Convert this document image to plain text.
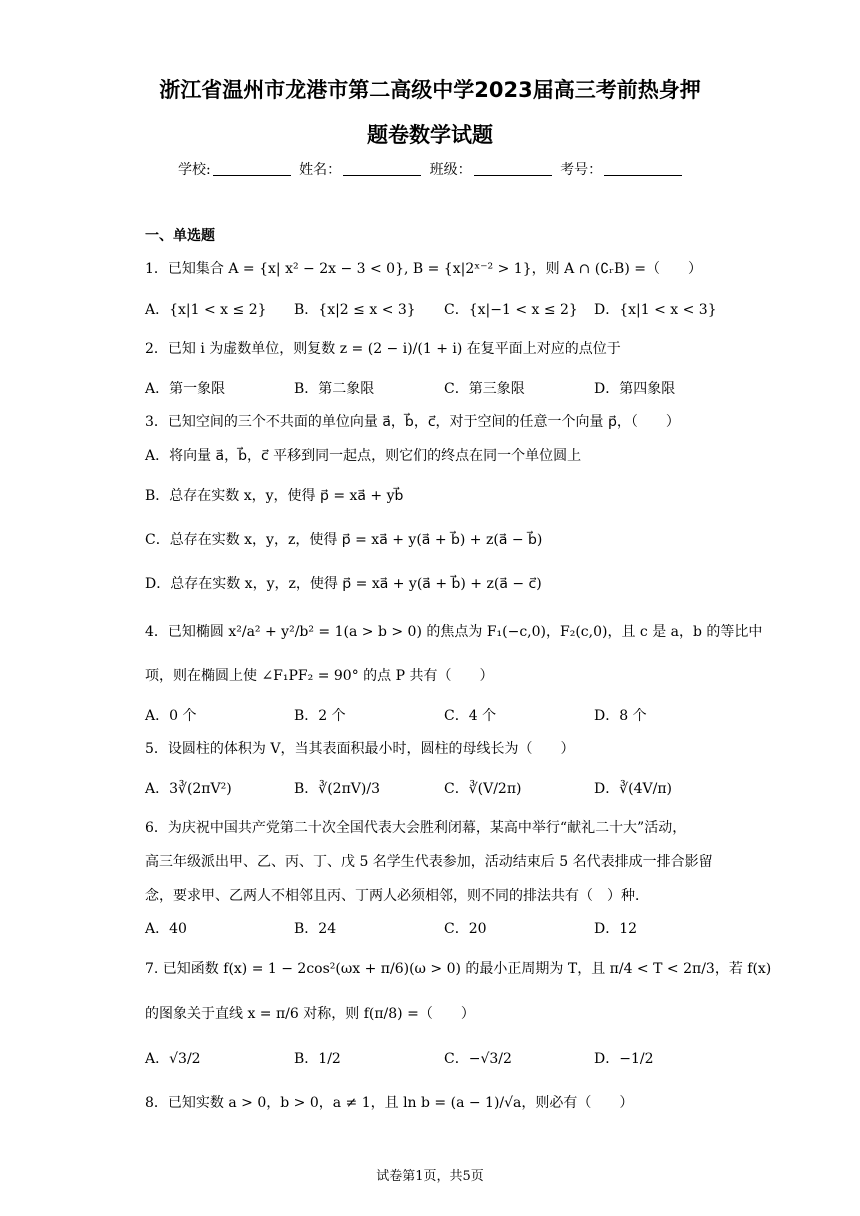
浙江省温州市龙港市第二高级中学2023届高三考前热身押
题卷数学试题
学校:	姓名：	班级：	考号：
一、单选题
1．已知集合 A = {x| x² − 2x − 3 < 0}, B = {x|2ˣ⁻² > 1}，则 A ∩ (∁ᵣB) =（　　）
A．{x|1 < x ≤ 2} B．{x|2 ≤ x < 3} C．{x|−1 < x ≤ 2} D．{x|1 < x < 3}
2．已知 i 为虚数单位，则复数 z = (2 − i)/(1 + i) 在复平面上对应的点位于
A．第一象限	B．第二象限	C．第三象限	D．第四象限
3．已知空间的三个不共面的单位向量 a⃗，b⃗，c⃗，对于空间的任意一个向量 p⃗，（　　）
A．将向量 a⃗，b⃗，c⃗ 平移到同一起点，则它们的终点在同一个单位圆上
B．总存在实数 x，y，使得 p⃗ = xa⃗ + yb⃗
C．总存在实数 x，y，z，使得 p⃗ = xa⃗ + y(a⃗ + b⃗) + z(a⃗ − b⃗)
D．总存在实数 x，y，z，使得 p⃗ = xa⃗ + y(a⃗ + b⃗) + z(a⃗ − c⃗)
4．已知椭圆 x²/a² + y²/b² = 1(a > b > 0) 的焦点为 F₁(−c,0)，F₂(c,0)，且 c 是 a，b 的等比中
项，则在椭圆上使 ∠F₁PF₂ = 90° 的点 P 共有（　　）
A．0 个	B．2 个	C．4 个	D．8 个
5．设圆柱的体积为 V，当其表面积最小时，圆柱的母线长为（　　）
A．3∛(2πV²)	B．∛(2πV)/3	C．∛(V/2π)	D．∛(4V/π)
6．为庆祝中国共产党第二十次全国代表大会胜利闭幕，某高中举行“献礼二十大”活动，
高三年级派出甲、乙、丙、丁、戊 5 名学生代表参加，活动结束后 5 名代表排成一排合影留
念，要求甲、乙两人不相邻且丙、丁两人必须相邻，则不同的排法共有（　）种．
A．40	B．24	C．20	D．12
7. 已知函数 f(x) = 1 − 2cos²(ωx + π/6)(ω > 0) 的最小正周期为 T，且 π/4 < T < 2π/3，若 f(x)
的图象关于直线 x = π/6 对称，则 f(π/8) =（　　）
A．√3/2	B．1/2	C．−√3/2	D．−1/2
8．已知实数 a > 0，b > 0，a ≠ 1，且 ln b = (a − 1)/√a，则必有（　　）
试卷第1页，共5页
